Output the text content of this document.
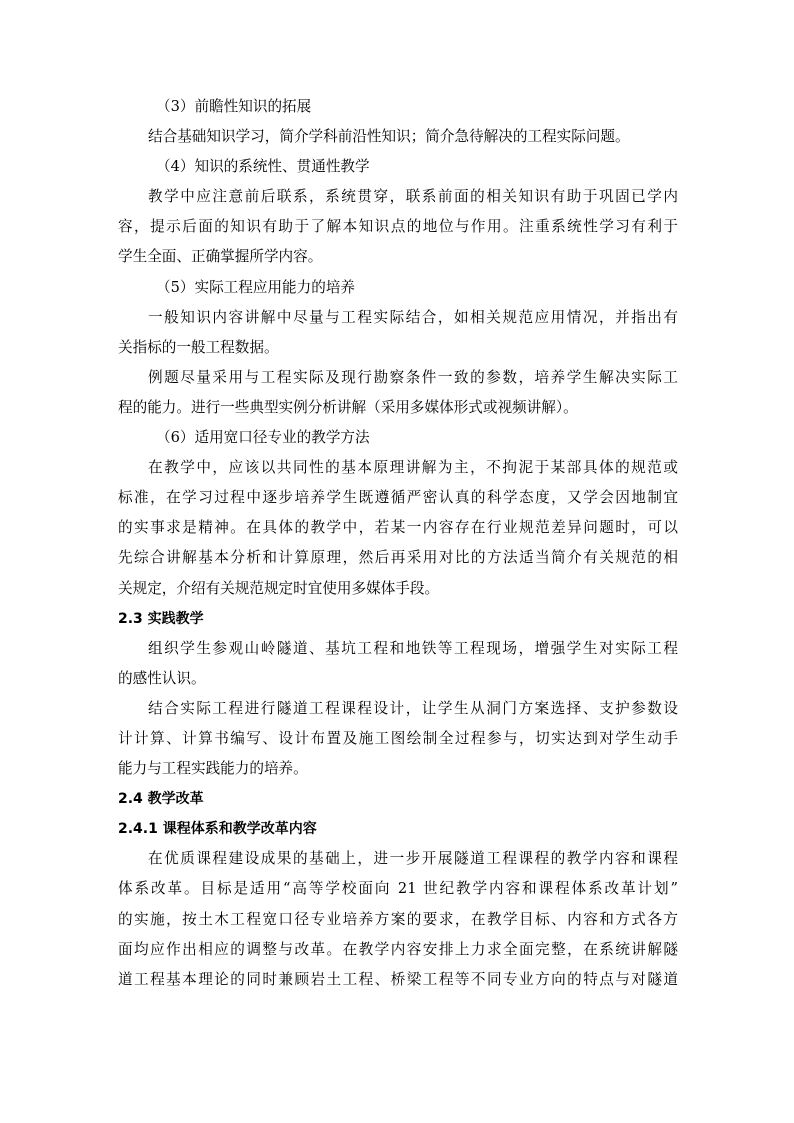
（3）前瞻性知识的拓展
结合基础知识学习，简介学科前沿性知识；简介急待解决的工程实际问题。
（4）知识的系统性、贯通性教学
教学中应注意前后联系，系统贯穿，联系前面的相关知识有助于巩固已学内
容，提示后面的知识有助于了解本知识点的地位与作用。注重系统性学习有利于
学生全面、正确掌握所学内容。
（5）实际工程应用能力的培养
一般知识内容讲解中尽量与工程实际结合，如相关规范应用情况，并指出有
关指标的一般工程数据。
例题尽量采用与工程实际及现行勘察条件一致的参数，培养学生解决实际工
程的能力。进行一些典型实例分析讲解（采用多媒体形式或视频讲解）。
（6）适用宽口径专业的教学方法
在教学中，应该以共同性的基本原理讲解为主，不拘泥于某部具体的规范或
标准，在学习过程中逐步培养学生既遵循严密认真的科学态度，又学会因地制宜
的实事求是精神。在具体的教学中，若某一内容存在行业规范差异问题时，可以
先综合讲解基本分析和计算原理，然后再采用对比的方法适当简介有关规范的相
关规定，介绍有关规范规定时宜使用多媒体手段。
2.3 实践教学
组织学生参观山岭隧道、基坑工程和地铁等工程现场，增强学生对实际工程
的感性认识。
结合实际工程进行隧道工程课程设计，让学生从洞门方案选择、支护参数设
计计算、计算书编写、设计布置及施工图绘制全过程参与，切实达到对学生动手
能力与工程实践能力的培养。
2.4 教学改革
2.4.1 课程体系和教学改革内容
在优质课程建设成果的基础上，进一步开展隧道工程课程的教学内容和课程
体系改革。目标是适用“高等学校面向 21 世纪教学内容和课程体系改革计划”
的实施，按土木工程宽口径专业培养方案的要求，在教学目标、内容和方式各方
面均应作出相应的调整与改革。在教学内容安排上力求全面完整，在系统讲解隧
道工程基本理论的同时兼顾岩土工程、桥梁工程等不同专业方向的特点与对隧道
